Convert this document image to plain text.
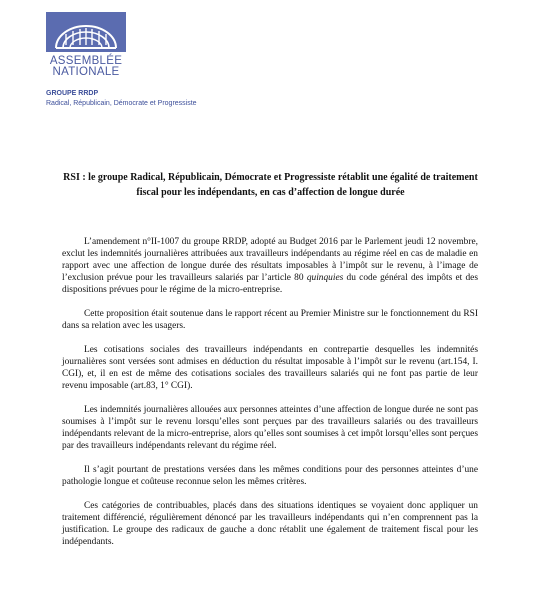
ASSEMBLÉE
NATIONALE
GROUPE RRDP
Radical, Républicain, Démocrate et Progressiste
RSI : le groupe Radical, Républicain, Démocrate et Progressiste rétablit une égalité de traitement fiscal pour les indépendants, en cas d’affection de longue durée

L’amendement n°II-1007 du groupe RRDP, adopté au Budget 2016 par le Parlement jeudi 12 novembre, exclut les indemnités journalières attribuées aux travailleurs indépendants au régime réel en cas de maladie en rapport avec une affection de longue durée des résultats imposables à l’impôt sur le revenu, à l’image de l’exclusion prévue pour les travailleurs salariés par l’article 80 quinquies du code général des impôts et des dispositions prévues pour le régime de la micro-entreprise.

Cette proposition était soutenue dans le rapport récent au Premier Ministre sur le fonctionnement du RSI dans sa relation avec les usagers.

Les cotisations sociales des travailleurs indépendants en contrepartie desquelles les indemnités journalières sont versées sont admises en déduction du résultat imposable à l’impôt sur le revenu (art.154, I. CGI), et, il en est de même des cotisations sociales des travailleurs salariés qui ne font pas partie de leur revenu imposable (art.83, 1° CGI).

Les indemnités journalières allouées aux personnes atteintes d’une affection de longue durée ne sont pas soumises à l’impôt sur le revenu lorsqu’elles sont perçues par des travailleurs salariés ou des travailleurs indépendants relevant de la micro-entreprise, alors qu’elles sont soumises à cet impôt lorsqu’elles sont perçues par des travailleurs indépendants relevant du régime réel.

Il s’agit pourtant de prestations versées dans les mêmes conditions pour des personnes atteintes d’une pathologie longue et coûteuse reconnue selon les mêmes critères.

Ces catégories de contribuables, placés dans des situations identiques se voyaient donc appliquer un traitement différencié, régulièrement dénoncé par les travailleurs indépendants qui n’en comprennent pas la justification. Le groupe des radicaux de gauche a donc rétablit une également de traitement fiscal pour les indépendants.
